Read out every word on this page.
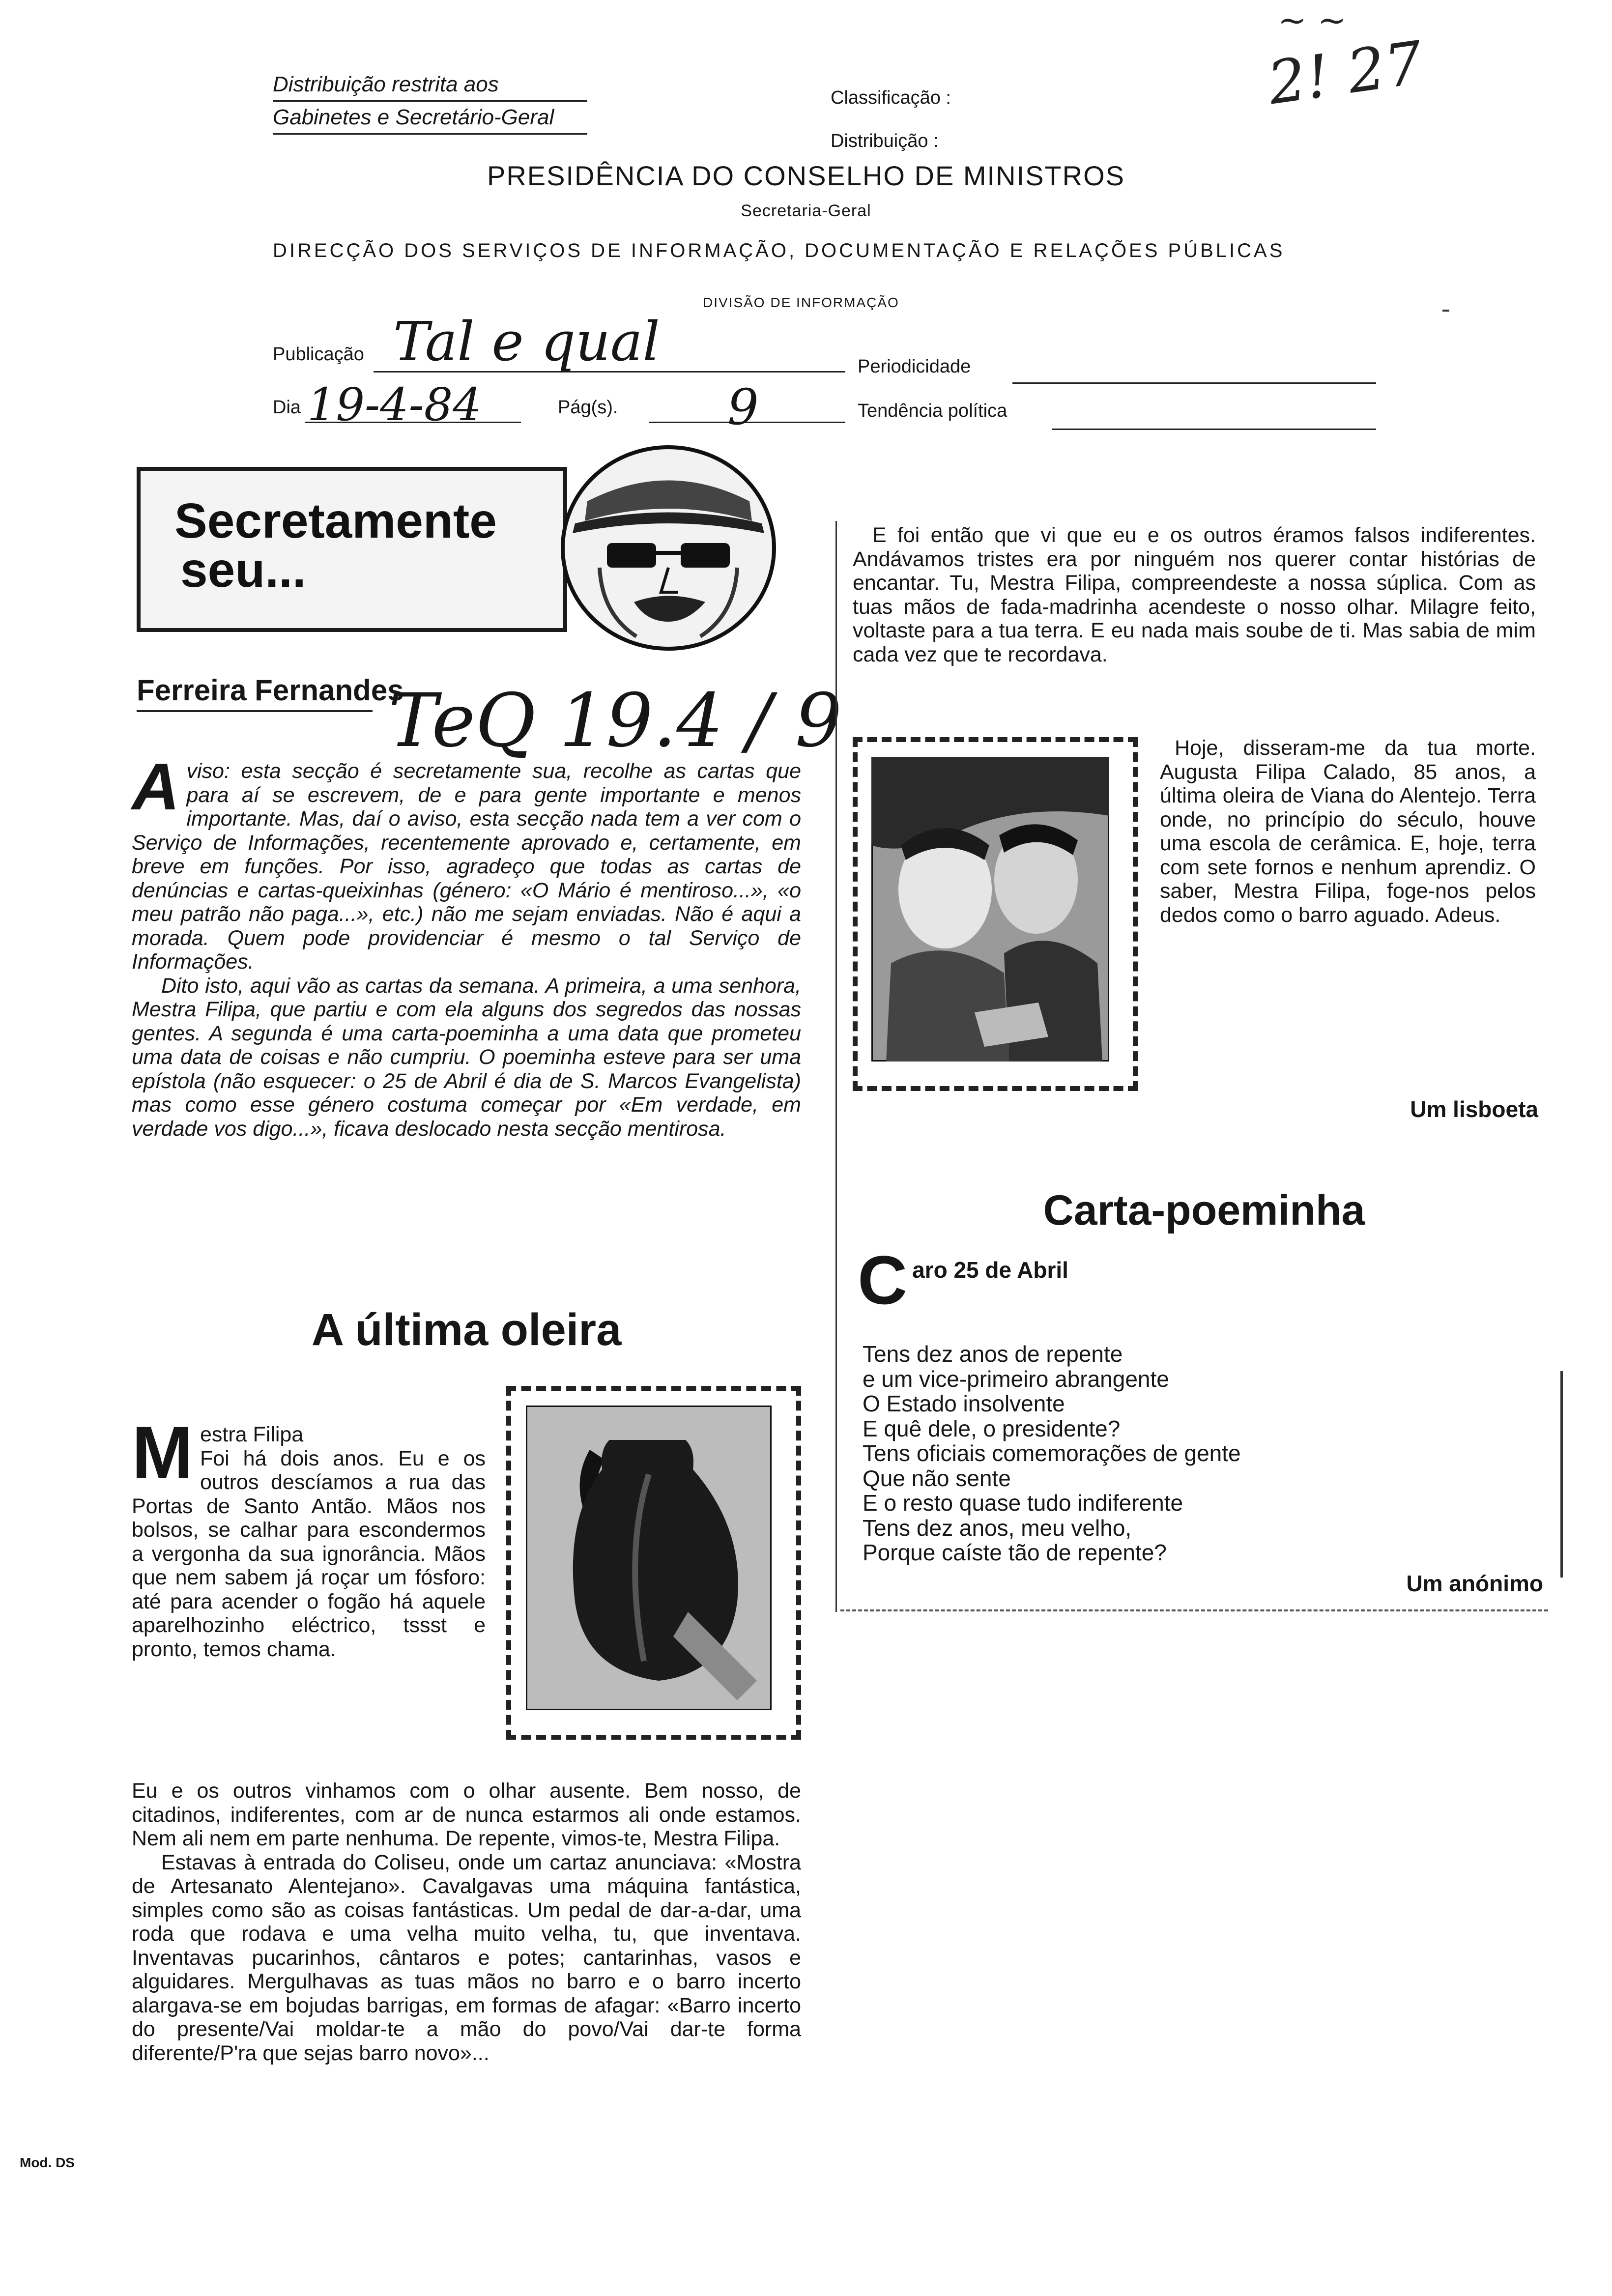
~ ~
2! 27
Distribuição restrita aos
Gabinetes e Secretário-Geral
Classificação :
Distribuição :
PRESIDÊNCIA DO CONSELHO DE MINISTROS
Secretaria-Geral
DIRECÇÃO DOS SERVIÇOS DE INFORMAÇÃO, DOCUMENTAÇÃO E RELAÇÕES PÚBLICAS
DIVISÃO DE INFORMAÇÃO
Publicação Tal e qual	Periodicidade
Dia 19-4-84	Pág(s). 9	Tendência política
Secretamente
seu...
Ferreira Fernandes
TeQ 19.4 / 9

Aviso: esta secção é secretamente sua, recolhe as cartas que para aí se escrevem, de e para gente importante e menos importante. Mas, daí o aviso, esta secção nada tem a ver com o Serviço de Informações, recentemente aprovado e, certamente, em breve em funções. Por isso, agradeço que todas as cartas de denúncias e cartas-queixinhas (género: «O Mário é mentiroso...», «o meu patrão não paga...», etc.) não me sejam enviadas. Não é aqui a morada. Quem pode providenciar é mesmo o tal Serviço de Informações.

Dito isto, aqui vão as cartas da semana. A primeira, a uma senhora, Mestra Filipa, que partiu e com ela alguns dos segredos das nossas gentes. A segunda é uma carta-poeminha a uma data que prometeu uma data de coisas e não cumpriu. O poeminha esteve para ser uma epístola (não esquecer: o 25 de Abril é dia de S. Marcos Evangelista) mas como esse género costuma começar por «Em verdade, em verdade vos digo...», ficava deslocado nesta secção mentirosa.

A última oleira

Mestra Filipa

Foi há dois anos. Eu e os outros descíamos a rua das Portas de Santo Antão. Mãos nos bolsos, se calhar para escondermos a vergonha da sua ignorância. Mãos que nem sabem já roçar um fósforo: até para acender o fogão há aquele aparelhozinho eléctrico, tssst e pronto, temos chama.

Eu e os outros vinhamos com o olhar ausente. Bem nosso, de citadinos, indiferentes, com ar de nunca estarmos ali onde estamos. Nem ali nem em parte nenhuma. De repente, vimos-te, Mestra Filipa.

Estavas à entrada do Coliseu, onde um cartaz anunciava: «Mostra de Artesanato Alentejano». Cavalgavas uma máquina fantástica, simples como são as coisas fantásticas. Um pedal de dar-a-dar, uma roda que rodava e uma velha muito velha, tu, que inventava. Inventavas pucarinhos, cântaros e potes; cantarinhas, vasos e alguidares. Mergulhavas as tuas mãos no barro e o barro incerto alargava-se em bojudas barrigas, em formas de afagar: «Barro incerto do presente/Vai moldar-te a mão do povo/Vai dar-te forma diferente/P'ra que sejas barro novo»...

Mod. DS
E foi então que vi que eu e os outros éramos falsos indiferentes. Andávamos tristes era por ninguém nos querer contar histórias de encantar. Tu, Mestra Filipa, compreendeste a nossa súplica. Com as tuas mãos de fada-madrinha acendeste o nosso olhar. Milagre feito, voltaste para a tua terra. E eu nada mais soube de ti. Mas sabia de mim cada vez que te recordava.
Hoje, disseram-me da tua morte. Augusta Filipa Calado, 85 anos, a última oleira de Viana do Alentejo. Terra onde, no princípio do século, houve uma escola de cerâmica. E, hoje, terra com sete fornos e nenhum aprendiz. O saber, Mestra Filipa, foge-nos pelos dedos como o barro aguado. Adeus.
Um lisboeta
Carta-poeminha
Caro 25 de Abril
Tens dez anos de repente
e um vice-primeiro abrangente
O Estado insolvente
E quê dele, o presidente?
Tens oficiais comemorações de gente
Que não sente
E o resto quase tudo indiferente
Tens dez anos, meu velho,
Porque caíste tão de repente?
Um anónimo
